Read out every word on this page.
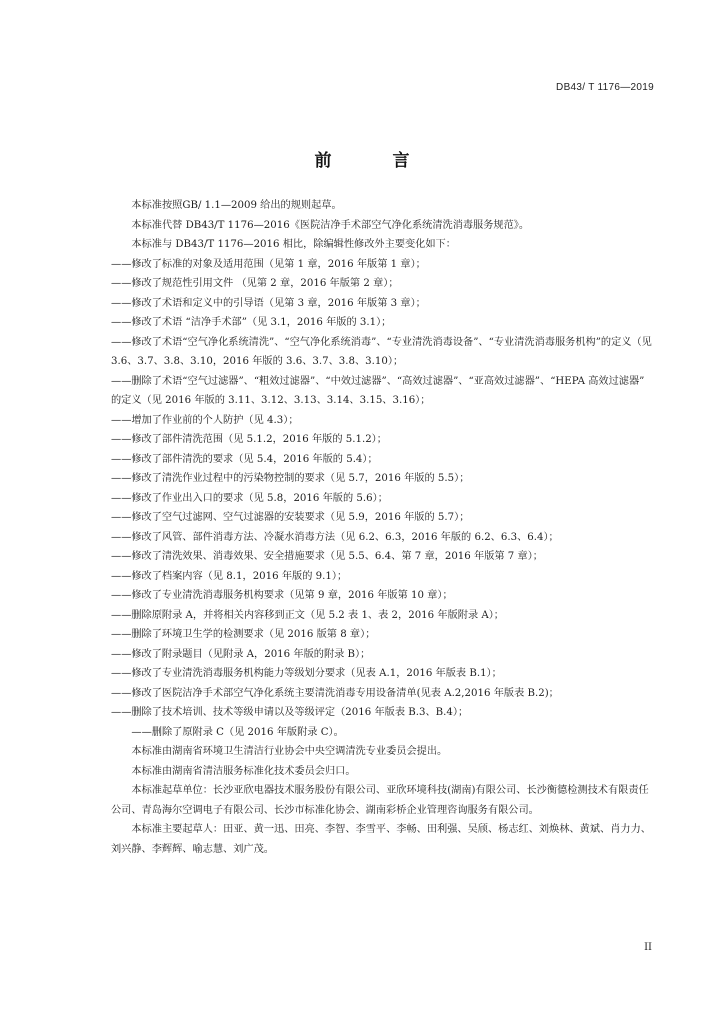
DB43/ T 1176—2019
前　言

本标准按照GB/ 1.1—2009 给出的规则起草。

本标准代替 DB43/T 1176—2016《医院洁净手术部空气净化系统清洗消毒服务规范》。

本标准与 DB43/T 1176—2016 相比，除编辑性修改外主要变化如下：

——修改了标准的对象及适用范围（见第 1 章，2016 年版第 1 章）；

——修改了规范性引用文件 （见第 2 章，2016 年版第 2 章）；

——修改了术语和定义中的引导语（见第 3 章，2016 年版第 3 章）；

——修改了术语 “洁净手术部”（见 3.1，2016 年版的 3.1）；

——修改了术语“空气净化系统清洗”、“空气净化系统消毒”、“专业清洗消毒设备”、“专业清洗消毒服务机构”的定义（见 3.6、3.7、3.8、3.10，2016 年版的 3.6、3.7、3.8、3.10）；

——删除了术语“空气过滤器”、“粗效过滤器”、“中效过滤器”、“高效过滤器”、“亚高效过滤器”、“HEPA 高效过滤器” 的定义（见 2016 年版的 3.11、3.12、3.13、3.14、3.15、3.16）；

——增加了作业前的个人防护（见 4.3）；

——修改了部件清洗范围（见 5.1.2，2016 年版的 5.1.2）；

——修改了部件清洗的要求（见 5.4，2016 年版的 5.4）；

——修改了清洗作业过程中的污染物控制的要求（见 5.7，2016 年版的 5.5）；

——修改了作业出入口的要求（见 5.8，2016 年版的 5.6）；

——修改了空气过滤网、空气过滤器的安装要求（见 5.9，2016 年版的 5.7）；

——修改了风管、部件消毒方法、冷凝水消毒方法（见 6.2、6.3，2016 年版的 6.2、6.3、6.4）；

——修改了清洗效果、消毒效果、安全措施要求（见 5.5、6.4、第 7 章，2016 年版第 7 章）；

——修改了档案内容（见 8.1，2016 年版的 9.1）；

——修改了专业清洗消毒服务机构要求（见第 9 章，2016 年版第 10 章）；

——删除原附录 A，并将相关内容移到正文（见 5.2 表 1、表 2，2016 年版附录 A）；

——删除了环境卫生学的检测要求（见 2016 版第 8 章）；

——修改了附录题目（见附录 A，2016 年版的附录 B）；

——修改了专业清洗消毒服务机构能力等级划分要求（见表 A.1，2016 年版表 B.1）；

——修改了医院洁净手术部空气净化系统主要清洗消毒专用设备清单(见表 A.2,2016 年版表 B.2)；

——删除了技术培训、技术等级申请以及等级评定（2016 年版表 B.3、B.4）；

——删除了原附录 C（见 2016 年版附录 C）。

本标准由湖南省环境卫生清洁行业协会中央空调清洗专业委员会提出。

本标准由湖南省清洁服务标准化技术委员会归口。

本标准起草单位：长沙亚欣电器技术服务股份有限公司、亚欣环境科技(湖南)有限公司、长沙衡德检测技术有限责任公司、青岛海尔空调电子有限公司、长沙市标准化协会、湖南彩桥企业管理咨询服务有限公司。

本标准主要起草人：田亚、黄一迅、田亮、李智、李雪平、李畅、田利强、吴颀、杨志红、刘焕林、黄斌、肖力力、刘兴静、李辉辉、喻志慧、刘广茂。

II
